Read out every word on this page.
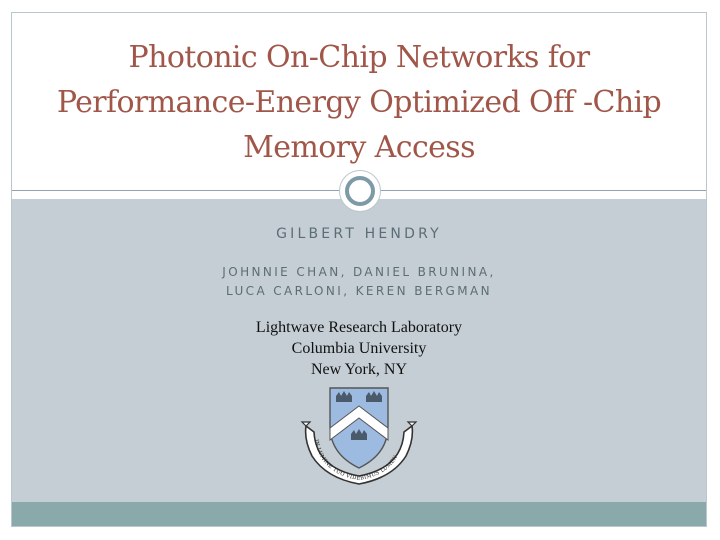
Photonic On-Chip Networks for Performance-Energy Optimized Off -Chip Memory Access

GILBERT HENDRY

JOHNNIE CHAN, DANIEL BRUNINA,
LUCA CARLONI, KEREN BERGMAN

Lightwave Research Laboratory
Columbia University
New York, NY

IN LUMINE TUO VIDEBIMUS LUMEN
